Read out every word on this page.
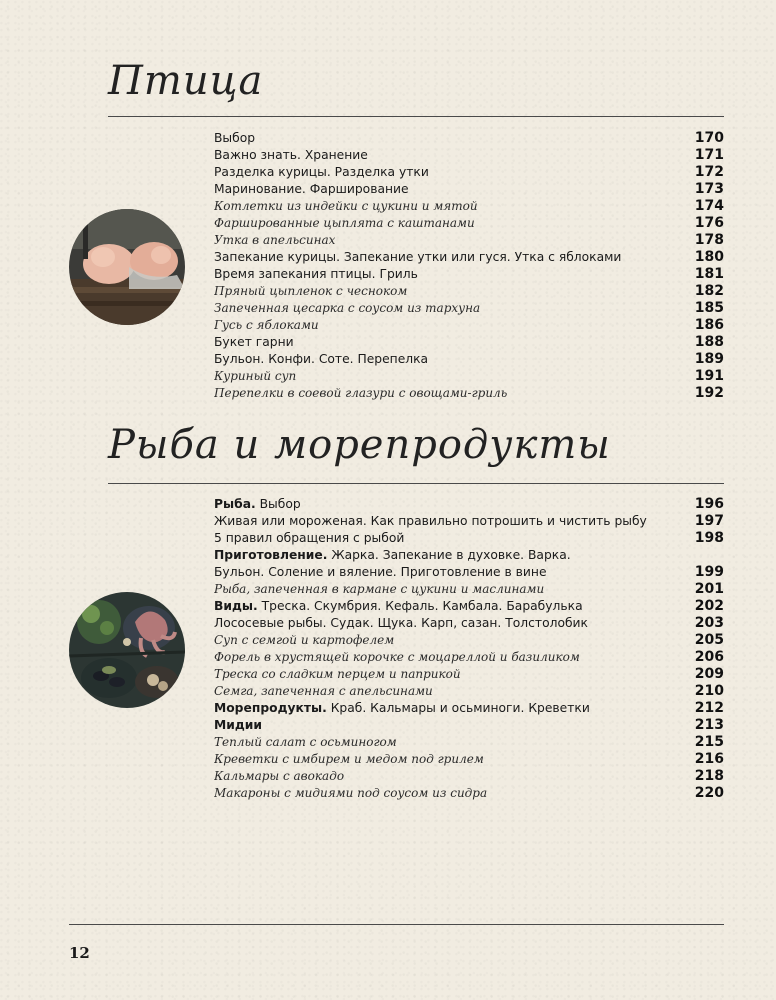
Птица
Выбор	170
Важно знать. Хранение	171
Разделка курицы. Разделка утки	172
Маринование. Фаршированиe	173
Котлетки из индейки с цукини и мятой	174
Фаршированные цыплята с каштанами	176
Утка в апельсинах	178
Запекание курицы. Запекание утки или гуся. Утка с яблоками	180
Время запекания птицы. Гриль	181
Пряный цыпленок с чесноком	182
Запеченная цесарка с соусом из тархуна	185
Гусь с яблоками	186
Букет гарни	188
Бульон. Конфи. Соте. Перепелка	189
Куриный суп	191
Перепелки в соевой глазури с овощами-гриль	192
Рыба и морепродукты
Рыба. Выбор	196
Живая или мороженая. Как правильно потрошить и чистить рыбу	197
5 правил обращения с рыбой	198
Приготовление. Жарка. Запекание в духовке. Варка.
Бульон. Соление и вяление. Приготовление в вине	199
Рыба, запеченная в кармане с цукини и маслинами	201
Виды. Треска. Скумбрия. Кефаль. Камбала. Барабулька	202
Лососевые рыбы. Судак. Щука. Карп, сазан. Толстолобик	203
Суп с семгой и картофелем	205
Форель в хрустящей корочке с моцареллой и базиликом	206
Треска со сладким перцем и паприкой	209
Семга, запеченная с апельсинами	210
Морепродукты. Краб. Кальмары и осьминоги. Креветки	212
Мидии	213
Теплый салат с осьминогом	215
Креветки с имбирем и медом под грилем	216
Кальмары с авокадо	218
Макароны с мидиями под соусом из сидра	220
12
